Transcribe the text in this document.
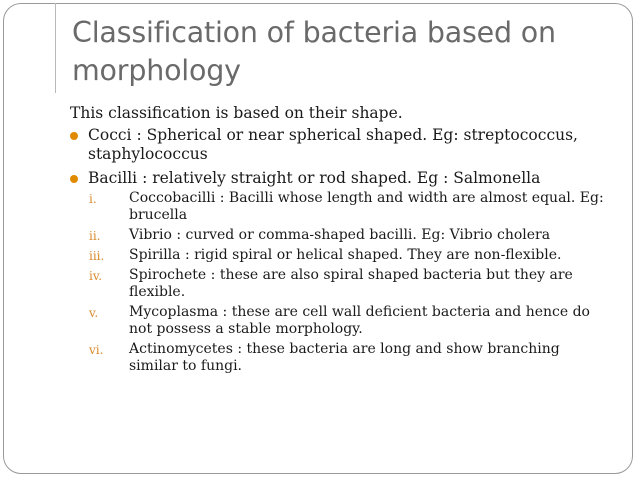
Classification of bacteria based on morphology

This classification is based on their shape.

Cocci : Spherical or near spherical shaped. Eg: streptococcus, staphylococcus
Bacilli : relatively straight or rod shaped. Eg : Salmonella
i. Coccobacilli : Bacilli whose length and width are almost equal. Eg: brucella
ii. Vibrio : curved or comma-shaped bacilli. Eg: Vibrio cholera
iii. Spirilla : rigid spiral or helical shaped. They are non-flexible.
iv. Spirochete : these are also spiral shaped bacteria but they are flexible.
v. Mycoplasma : these are cell wall deficient bacteria and hence do not possess a stable morphology.
vi. Actinomycetes : these bacteria are long and show branching similar to fungi.
